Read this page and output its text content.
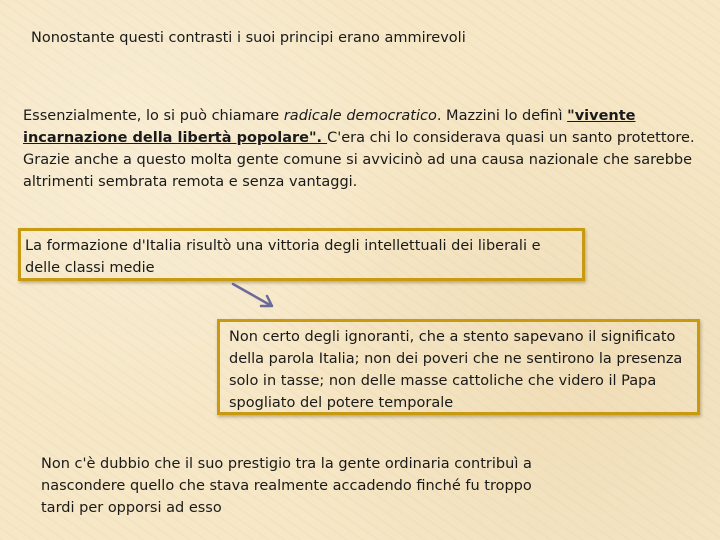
Nonostante questi contrasti i suoi principi erano ammirevoli
Essenzialmente, lo si può chiamare radicale democratico. Mazzini lo definì "vivente incarnazione della libertà popolare". C'era chi lo considerava quasi un santo protettore. Grazie anche a questo molta gente comune si avvicinò ad una causa nazionale che sarebbe altrimenti sembrata remota e senza vantaggi.
La formazione d'Italia risultò una vittoria degli intellettuali dei liberali e delle classi medie
Non certo degli ignoranti, che a stento sapevano il significato della parola Italia; non dei poveri che ne sentirono la presenza solo in tasse; non delle masse cattoliche che videro il Papa spogliato del potere temporale
Non c'è dubbio che il suo prestigio tra la gente ordinaria contribuì a nascondere quello che stava realmente accadendo finché fu troppo tardi per opporsi ad esso
